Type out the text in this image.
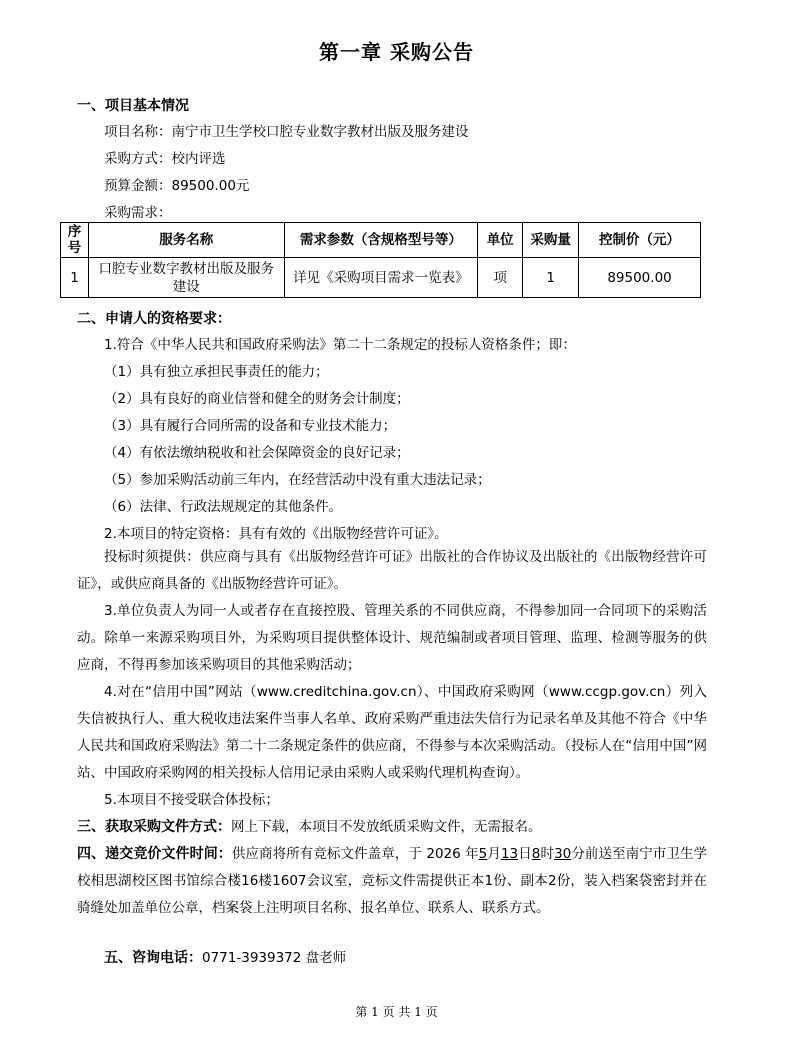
第一章 采购公告
一、项目基本情况
项目名称：南宁市卫生学校口腔专业数字教材出版及服务建设
采购方式：校内评选
预算金额：89500.00元
采购需求：
序号	服务名称	需求参数（含规格型号等）	单位	采购量	控制价（元）
1	口腔专业数字教材出版及服务建设	详见《采购项目需求一览表》	项	1	89500.00
二、申请人的资格要求：
1.符合《中华人民共和国政府采购法》第二十二条规定的投标人资格条件；即：
（1）具有独立承担民事责任的能力；
（2）具有良好的商业信誉和健全的财务会计制度；
（3）具有履行合同所需的设备和专业技术能力；
（4）有依法缴纳税收和社会保障资金的良好记录；
（5）参加采购活动前三年内，在经营活动中没有重大违法记录；
（6）法律、行政法规规定的其他条件。
2.本项目的特定资格：具有有效的《出版物经营许可证》。
投标时须提供：供应商与具有《出版物经营许可证》出版社的合作协议及出版社的《出版物经营许可证》，或供应商具备的《出版物经营许可证》。
3.单位负责人为同一人或者存在直接控股、管理关系的不同供应商，不得参加同一合同项下的采购活动。除单一来源采购项目外，为采购项目提供整体设计、规范编制或者项目管理、监理、检测等服务的供应商，不得再参加该采购项目的其他采购活动；
4.对在“信用中国”网站（www.creditchina.gov.cn）、中国政府采购网（www.ccgp.gov.cn）列入失信被执行人、重大税收违法案件当事人名单、政府采购严重违法失信行为记录名单及其他不符合《中华人民共和国政府采购法》第二十二条规定条件的供应商，不得参与本次采购活动。（投标人在“信用中国”网站、中国政府采购网的相关投标人信用记录由采购人或采购代理机构查询）。
5.本项目不接受联合体投标；
三、获取采购文件方式：网上下载，本项目不发放纸质采购文件，无需报名。
四、递交竞价文件时间：供应商将所有竞标文件盖章，于 2026 年5月13日8时30分前送至南宁市卫生学校相思湖校区图书馆综合楼16楼1607会议室，竞标文件需提供正本1份、副本2份，装入档案袋密封并在骑缝处加盖单位公章，档案袋上注明项目名称、报名单位、联系人、联系方式。
五、咨询电话：0771-3939372 盘老师
第 1 页 共 1 页
